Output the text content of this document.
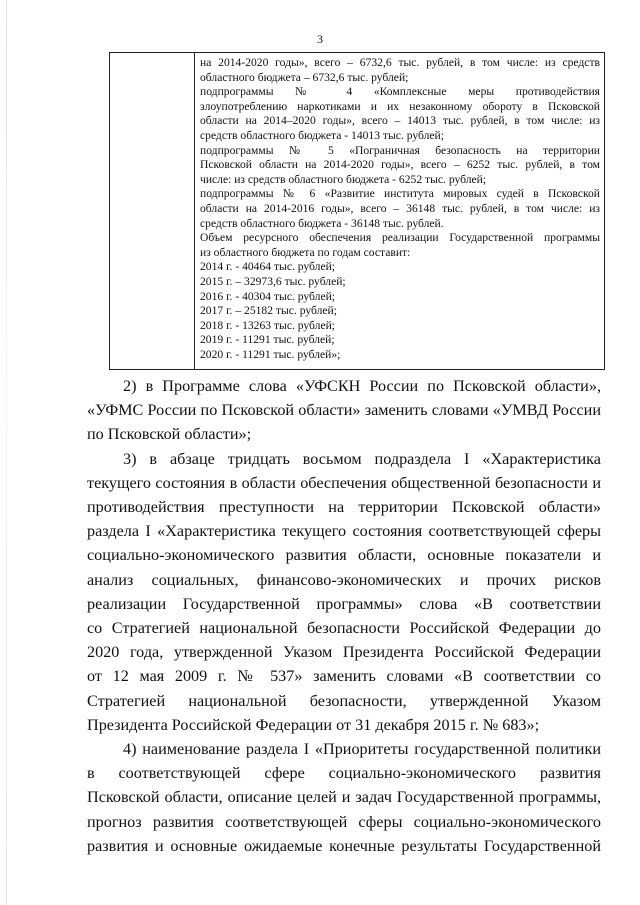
3
на 2014-2020 годы», всего – 6732,6 тыс. рублей, в том числе: из средств
областного бюджета – 6732,6 тыс. рублей;
подпрограммы № 4 «Комплексные меры противодействия
злоупотреблению наркотиками и их незаконному обороту в Псковской
области на 2014–2020 годы», всего – 14013 тыс. рублей, в том числе: из
средств областного бюджета - 14013 тыс. рублей;
подпрограммы № 5 «Пограничная безопасность на территории
Псковской области на 2014-2020 годы», всего – 6252 тыс. рублей, в том
числе: из средств областного бюджета - 6252 тыс. рублей;
подпрограммы № 6 «Развитие института мировых судей в Псковской
области на 2014-2016 годы», всего – 36148 тыс. рублей, в том числе: из
средств областного бюджета - 36148 тыс. рублей.
Объем ресурсного обеспечения реализации Государственной программы
из областного бюджета по годам составит:
2014 г. - 40464 тыс. рублей;
2015 г. – 32973,6 тыс. рублей;
2016 г. - 40304 тыс. рублей;
2017 г. – 25182 тыс. рублей;
2018 г. - 13263 тыс. рублей;
2019 г. - 11291 тыс. рублей;
2020 г. - 11291 тыс. рублей»;
2) в Программе слова «УФСКН России по Псковской области»,
«УФМС России по Псковской области» заменить словами «УМВД России
по Псковской области»;
3) в абзаце тридцать восьмом подраздела I «Характеристика
текущего состояния в области обеспечения общественной безопасности и
противодействия преступности на территории Псковской области»
раздела I «Характеристика текущего состояния соответствующей сферы
социально-экономического развития области, основные показатели и
анализ социальных, финансово-экономических и прочих рисков
реализации Государственной программы» слова «В соответствии
со Стратегией национальной безопасности Российской Федерации до
2020 года, утвержденной Указом Президента Российской Федерации
от 12 мая 2009 г. № 537» заменить словами «В соответствии со
Стратегией национальной безопасности, утвержденной Указом
Президента Российской Федерации от 31 декабря 2015 г. № 683»;
4) наименование раздела I «Приоритеты государственной политики
в соответствующей сфере социально-экономического развития
Псковской области, описание целей и задач Государственной программы,
прогноз развития соответствующей сферы социально-экономического
развития и основные ожидаемые конечные результаты Государственной
